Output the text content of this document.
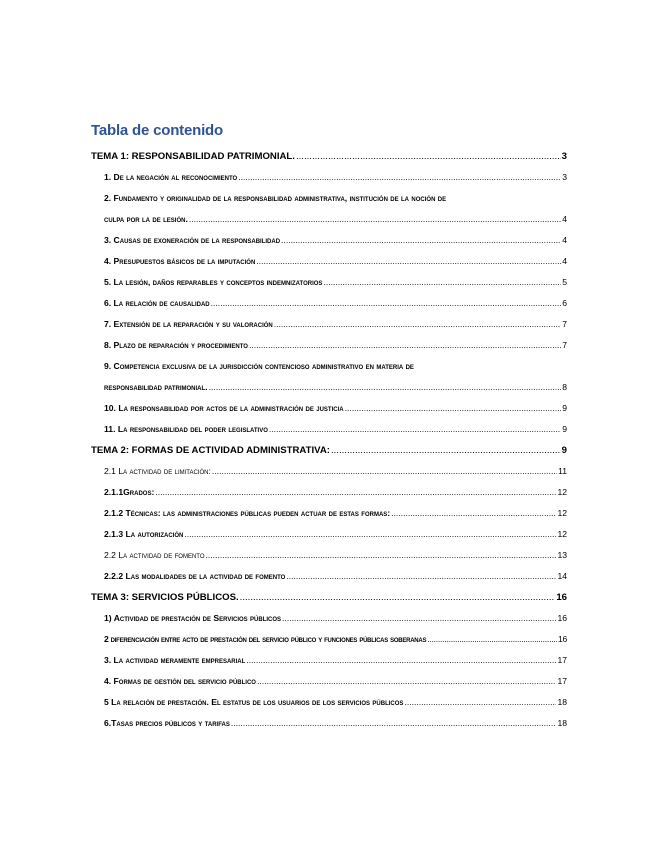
Tabla de contenido
TEMA 1: RESPONSABILIDAD PATRIMONIAL. .....	3
1. De la negación al reconocimiento .....	3
2. Fundamento y originalidad de la responsabilidad administrativa, institución de la noción de
culpa por la de lesión. .....	4
3. Causas de exoneración de la responsabilidad .....	4
4. Presupuestos básicos de la imputación .....	4
5. La lesión, daños reparables y conceptos indemnizatorios .....	5
6. La relación de causalidad .....	6
7. Extensión de la reparación y su valoración .....	7
8. Plazo de reparación y procedimiento .....	7
9. Competencia exclusiva de la jurisdicción contencioso administrativo en materia de
responsabilidad patrimonial. .....	8
10. La responsabilidad por actos de la administración de justicia .....	9
11. La responsabilidad del poder legislativo .....	9
TEMA 2: FORMAS DE ACTIVIDAD ADMINISTRATIVA: .....	9
2.1 La actividad de limitación: .....	11
2.1.1Grados: .....	12
2.1.2 Técnicas: las administraciones públicas pueden actuar de estas formas: .....	12
2.1.3 La autorización .....	12
2.2 La actividad de fomento .....	13
2.2.2 Las modalidades de la actividad de fomento .....	14
TEMA 3: SERVICIOS PÚBLICOS. .....	16
1) Actividad de prestación de Servicios públicos .....	16
2 diferenciación entre acto de prestación del servicio público y funciones públicas soberanas .....	16
3. La actividad meramente empresarial .....	17
4. Formas de gestión del servicio público .....	17
5 La relación de prestación. El estatus de los usuarios de los servicios públicos .....	18
6.Tasas precios públicos y tarifas .....	18
